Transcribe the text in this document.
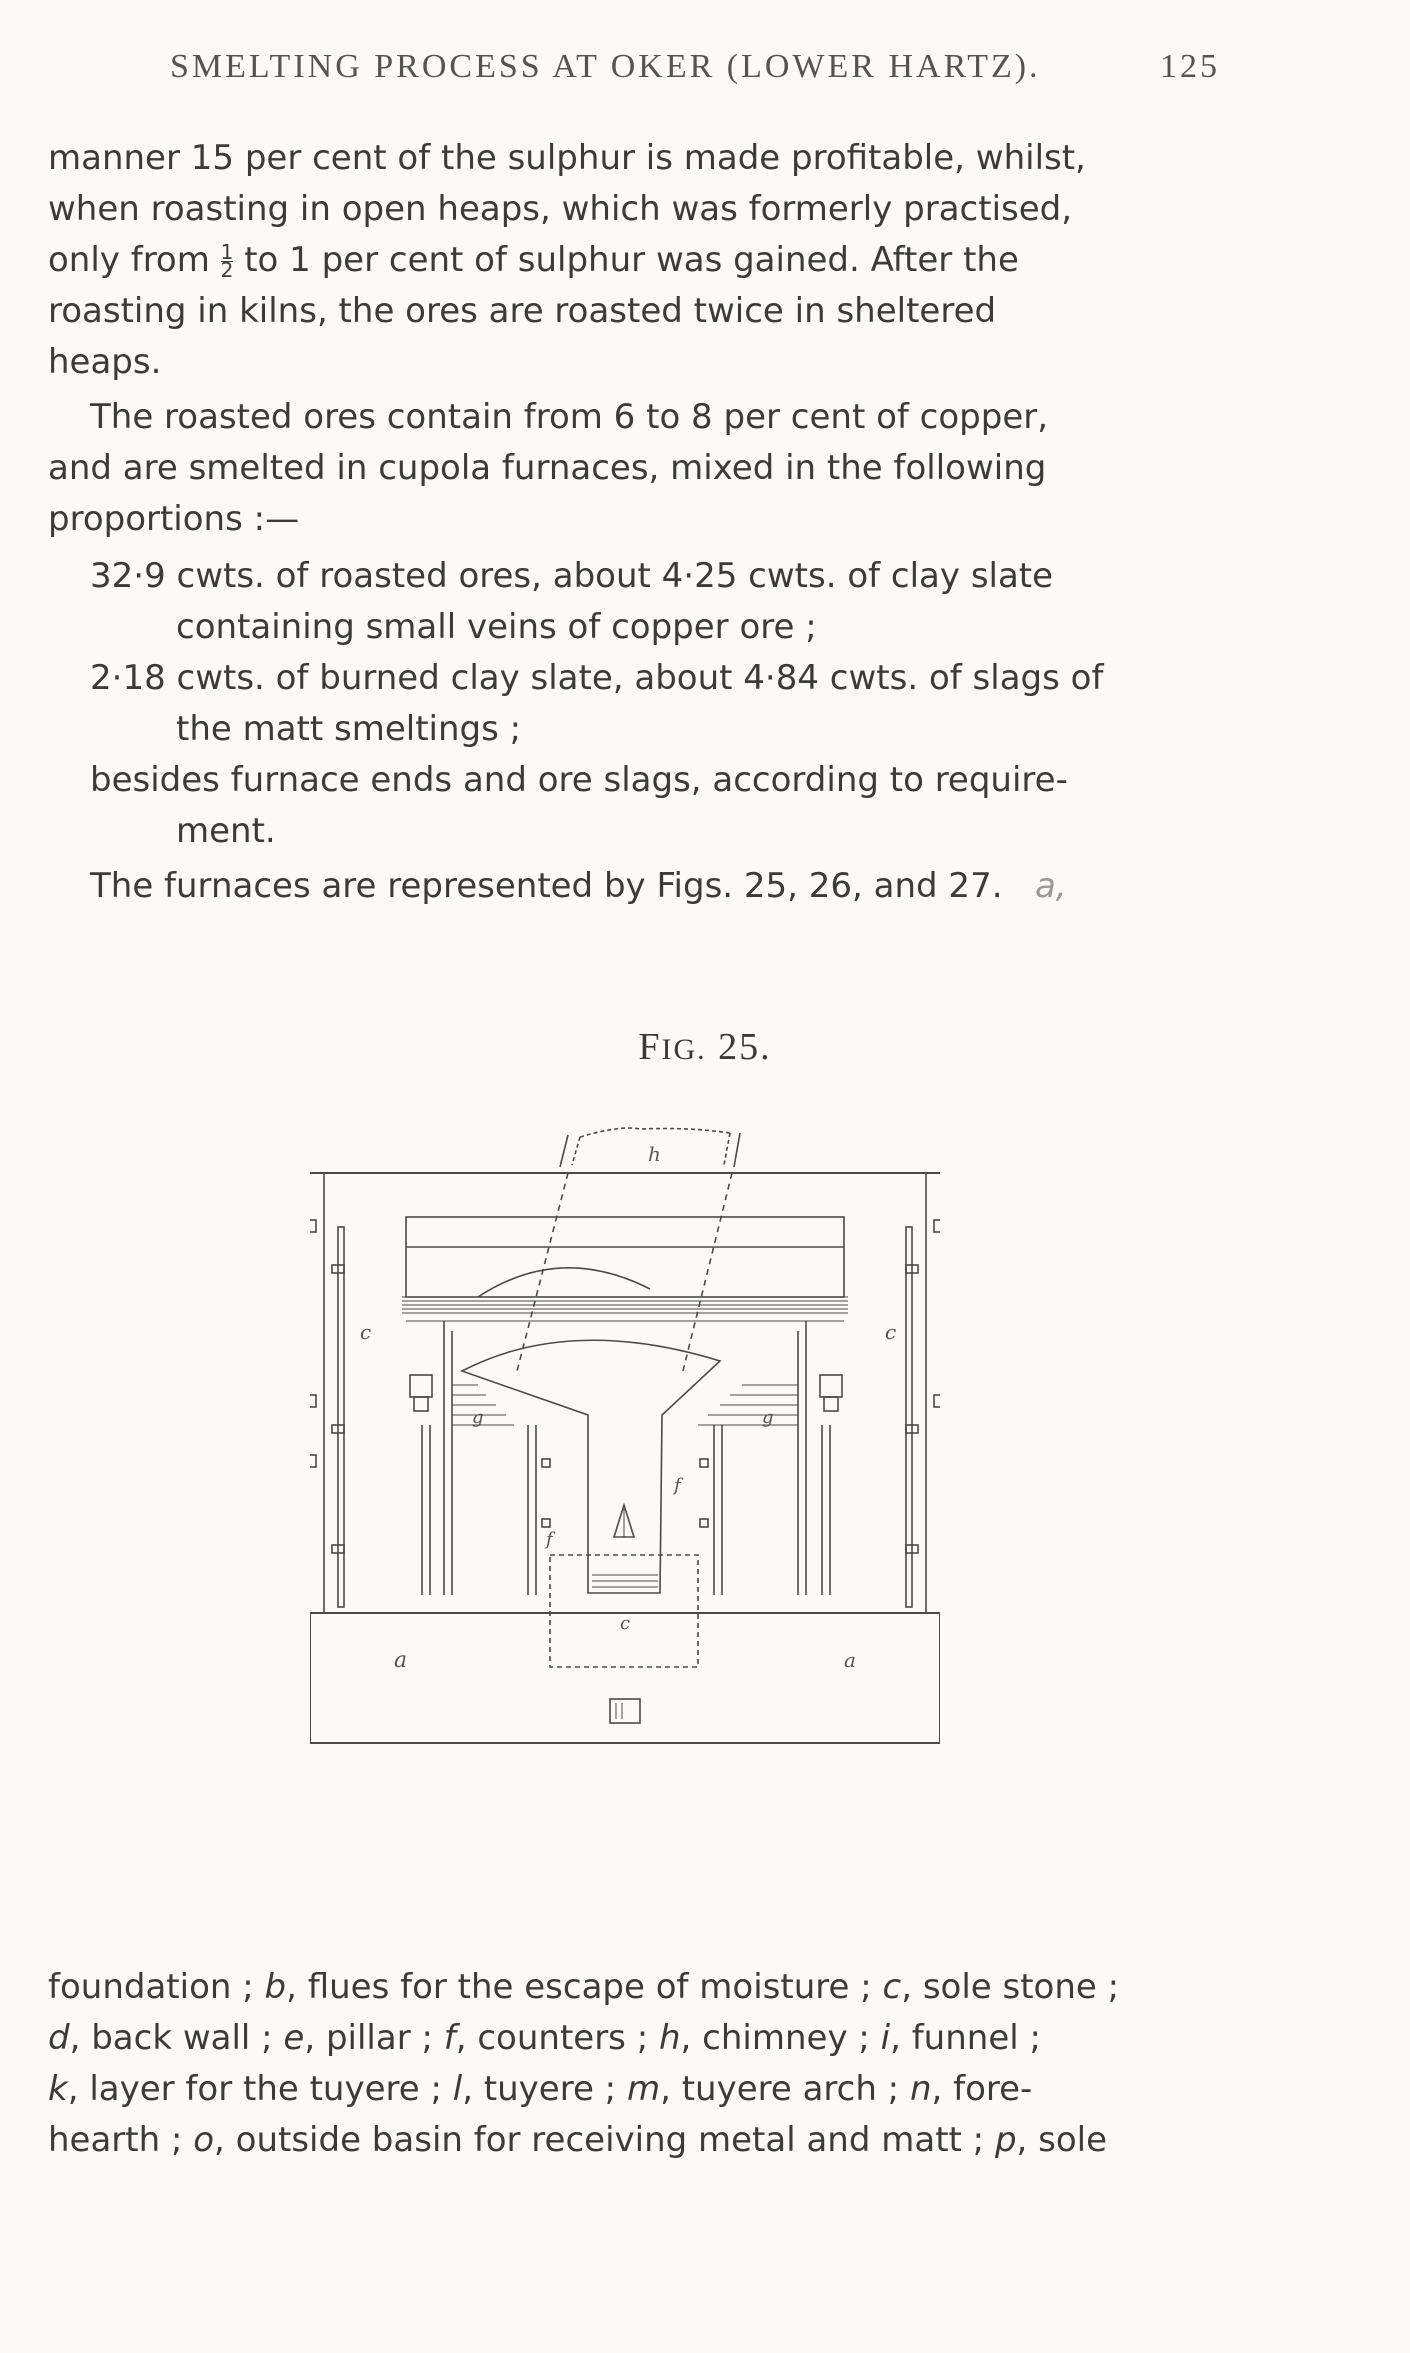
SMELTING PROCESS AT OKER (LOWER HARTZ).	125
manner 15 per cent of the sulphur is made profitable, whilst,
when roasting in open heaps, which was formerly practised,
only from $\frac{1}{2}$ to 1 per cent of sulphur was gained. After the
roasting in kilns, the ores are roasted twice in sheltered
heaps.
The roasted ores contain from 6 to 8 per cent of copper,
and are smelted in cupola furnaces, mixed in the following
proportions :—
32·9 cwts. of roasted ores, about 4·25 cwts. of clay slate
containing small veins of copper ore ;
2·18 cwts. of burned clay slate, about 4·84 cwts. of slags of
the matt smeltings ;
besides furnace ends and ore slags, according to require-
ment.
The furnaces are represented by Figs. 25, 26, and 27. a,
FIG. 25.
h
c	c
g	g
f
f
c
a	a
foundation ; b, flues for the escape of moisture ; c, sole stone ;
d, back wall ; e, pillar ; f, counters ; h, chimney ; i, funnel ;
k, layer for the tuyere ; l, tuyere ; m, tuyere arch ; n, fore-
hearth ; o, outside basin for receiving metal and matt ; p, sole
